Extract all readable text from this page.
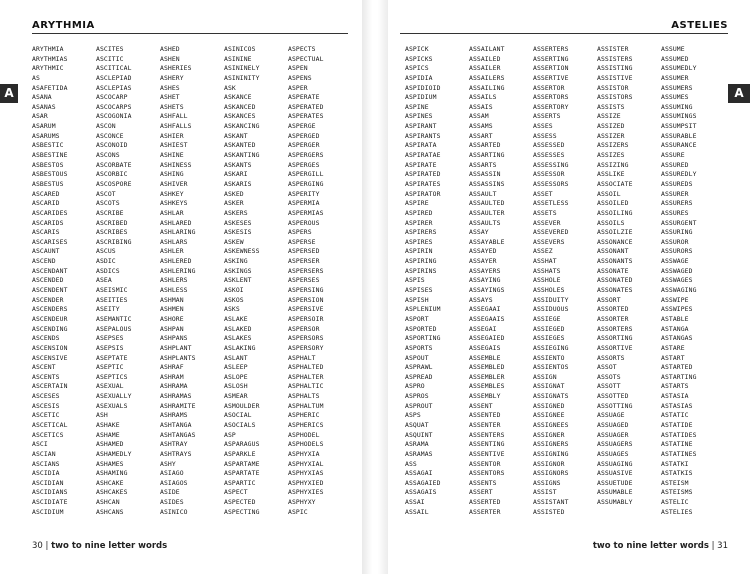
ARYTHMIA
A
ARYTHMIA
ARYTHMIAS
ARYTHMIC
AS
ASAFETIDA
ASANA
ASANAS
ASAR
ASARUM
ASARUMS
ASBESTIC
ASBESTINE
ASBESTOS
ASBESTOUS
ASBESTUS
ASCARED
ASCARID
ASCARIDES
ASCARIDS
ASCARIS
ASCARISES
ASCAUNT
ASCEND
ASCENDANT
ASCENDED
ASCENDENT
ASCENDER
ASCENDERS
ASCENDEUR
ASCENDING
ASCENDS
ASCENSION
ASCENSIVE
ASCENT
ASCENTS
ASCERTAIN
ASCESES
ASCESIS
ASCETIC
ASCETICAL
ASCETICS
ASCI
ASCIAN
ASCIANS
ASCIDIA
ASCIDIAN
ASCIDIANS
ASCIDIATE
ASCIDIUM
ASCITES
ASCITIC
ASCITICAL
ASCLEPIAD
ASCLEPIAS
ASCOCARP
ASCOCARPS
ASCOGONIA
ASCON
ASCONCE
ASCONOID
ASCONS
ASCORBATE
ASCORBIC
ASCOSPORE
ASCOT
ASCOTS
ASCRIBE
ASCRIBED
ASCRIBES
ASCRIBING
ASCUS
ASDIC
ASDICS
ASEA
ASEISMIC
ASEITIES
ASEITY
ASEMANTIC
ASEPALOUS
ASEPSES
ASEPSIS
ASEPTATE
ASEPTIC
ASEPTICS
ASEXUAL
ASEXUALLY
ASEXUALS
ASH
ASHAKE
ASHAME
ASHAMED
ASHAMEDLY
ASHAMES
ASHAMING
ASHCAKE
ASHCAKES
ASHCAN
ASHCANS
ASHED
ASHEN
ASHERIES
ASHERY
ASHES
ASHET
ASHETS
ASHFALL
ASHFALLS
ASHIER
ASHIEST
ASHINE
ASHINESS
ASHING
ASHIVER
ASHKEY
ASHKEYS
ASHLAR
ASHLARED
ASHLARING
ASHLARS
ASHLER
ASHLERED
ASHLERING
ASHLERS
ASHLESS
ASHMAN
ASHMEN
ASHORE
ASHPAN
ASHPANS
ASHPLANT
ASHPLANTS
ASHRAF
ASHRAM
ASHRAMA
ASHRAMAS
ASHRAMITE
ASHRAMS
ASHTANGA
ASHTANGAS
ASHTRAY
ASHTRAYS
ASHY
ASIAGO
ASIAGOS
ASIDE
ASIDES
ASINICO
ASINICOS
ASININE
ASININELY
ASININITY
ASK
ASKANCE
ASKANCED
ASKANCES
ASKANCING
ASKANT
ASKANTED
ASKANTING
ASKANTS
ASKARI
ASKARIS
ASKED
ASKER
ASKERS
ASKESES
ASKESIS
ASKEW
ASKEWNESS
ASKING
ASKINGS
ASKLENT
ASKOI
ASKOS
ASKS
ASLAKE
ASLAKED
ASLAKES
ASLAKING
ASLANT
ASLEEP
ASLOPE
ASLOSH
ASMEAR
ASMOULDER
ASOCIAL
ASOCIALS
ASP
ASPARAGUS
ASPARKLE
ASPARTAME
ASPARTATE
ASPARTIC
ASPECT
ASPECTED
ASPECTING
ASPECTS
ASPECTUAL
ASPEN
ASPENS
ASPER
ASPERATE
ASPERATED
ASPERATES
ASPERGE
ASPERGED
ASPERGER
ASPERGERS
ASPERGES
ASPERGILL
ASPERGING
ASPERITY
ASPERMIA
ASPERMIAS
ASPEROUS
ASPERS
ASPERSE
ASPERSED
ASPERSER
ASPERSERS
ASPERSES
ASPERSING
ASPERSION
ASPERSIVE
ASPERSOIR
ASPERSOR
ASPERSORS
ASPERSORY
ASPHALT
ASPHALTED
ASPHALTER
ASPHALTIC
ASPHALTS
ASPHALTUM
ASPHERIC
ASPHERICS
ASPHODEL
ASPHODELS
ASPHYXIA
ASPHYXIAL
ASPHYXIAS
ASPHYXIED
ASPHYXIES
ASPHYXY
ASPIC
30 | two to nine letter words
ASTELIES
A
ASPICK
ASPICKS
ASPICS
ASPIDIA
ASPIDIOID
ASPIDIUM
ASPINE
ASPINES
ASPIRANT
ASPIRANTS
ASPIRATA
ASPIRATAE
ASPIRATE
ASPIRATED
ASPIRATES
ASPIRATOR
ASPIRE
ASPIRED
ASPIRER
ASPIRERS
ASPIRES
ASPIRIN
ASPIRING
ASPIRINS
ASPIS
ASPISES
ASPISH
ASPLENIUM
ASPORT
ASPORTED
ASPORTING
ASPORTS
ASPOUT
ASPRAWL
ASPREAD
ASPRO
ASPROS
ASPROUT
ASPS
ASQUAT
ASQUINT
ASRAMA
ASRAMAS
ASS
ASSAGAI
ASSAGAIED
ASSAGAIS
ASSAI
ASSAIL
ASSAILANT
ASSAILED
ASSAILER
ASSAILERS
ASSAILING
ASSAILS
ASSAIS
ASSAM
ASSAMS
ASSART
ASSARTED
ASSARTING
ASSARTS
ASSASSIN
ASSASSINS
ASSAULT
ASSAULTED
ASSAULTER
ASSAULTS
ASSAY
ASSAYABLE
ASSAYED
ASSAYER
ASSAYERS
ASSAYING
ASSAYINGS
ASSAYS
ASSEGAAI
ASSEGAAIS
ASSEGAI
ASSEGAIED
ASSEGAIS
ASSEMBLE
ASSEMBLED
ASSEMBLER
ASSEMBLES
ASSEMBLY
ASSENT
ASSENTED
ASSENTER
ASSENTERS
ASSENTING
ASSENTIVE
ASSENTOR
ASSENTORS
ASSENTS
ASSERT
ASSERTED
ASSERTER
ASSERTERS
ASSERTING
ASSERTION
ASSERTIVE
ASSERTOR
ASSERTORS
ASSERTORY
ASSERTS
ASSES
ASSESS
ASSESSED
ASSESSES
ASSESSING
ASSESSOR
ASSESSORS
ASSET
ASSETLESS
ASSETS
ASSEVER
ASSEVERED
ASSEVERS
ASSEZ
ASSHAT
ASSHATS
ASSHOLE
ASSHOLES
ASSIDUITY
ASSIDUOUS
ASSIEGE
ASSIEGED
ASSIEGES
ASSIEGING
ASSIENTO
ASSIENTOS
ASSIGN
ASSIGNAT
ASSIGNATS
ASSIGNED
ASSIGNEE
ASSIGNEES
ASSIGNER
ASSIGNERS
ASSIGNING
ASSIGNOR
ASSIGNORS
ASSIGNS
ASSIST
ASSISTANT
ASSISTED
ASSISTER
ASSISTERS
ASSISTING
ASSISTIVE
ASSISTOR
ASSISTORS
ASSISTS
ASSIZE
ASSIZED
ASSIZER
ASSIZERS
ASSIZES
ASSIZING
ASSLIKE
ASSOCIATE
ASSOIL
ASSOILED
ASSOILING
ASSOILS
ASSOILZIE
ASSONANCE
ASSONANT
ASSONANTS
ASSONATE
ASSONATED
ASSONATES
ASSORT
ASSORTED
ASSORTER
ASSORTERS
ASSORTING
ASSORTIVE
ASSORTS
ASSOT
ASSOTS
ASSOTT
ASSOTTED
ASSOTTING
ASSUAGE
ASSUAGED
ASSUAGER
ASSUAGERS
ASSUAGES
ASSUAGING
ASSUASIVE
ASSUETUDE
ASSUMABLE
ASSUMABLY
ASSUME
ASSUMED
ASSUMEDLY
ASSUMER
ASSUMERS
ASSUMES
ASSUMING
ASSUMINGS
ASSUMPSIT
ASSURABLE
ASSURANCE
ASSURE
ASSURED
ASSUREDLY
ASSUREDS
ASSURER
ASSURERS
ASSURES
ASSURGENT
ASSURING
ASSUROR
ASSURORS
ASSWAGE
ASSWAGED
ASSWAGES
ASSWAGING
ASSWIPE
ASSWIPES
ASTABLE
ASTANGA
ASTANGAS
ASTARE
ASTART
ASTARTED
ASTARTING
ASTARTS
ASTASIA
ASTASIAS
ASTATIC
ASTATIDE
ASTATIDES
ASTATINE
ASTATINES
ASTATKI
ASTATKIS
ASTEISM
ASTEISMS
ASTELIC
ASTELIES
two to nine letter words | 31
